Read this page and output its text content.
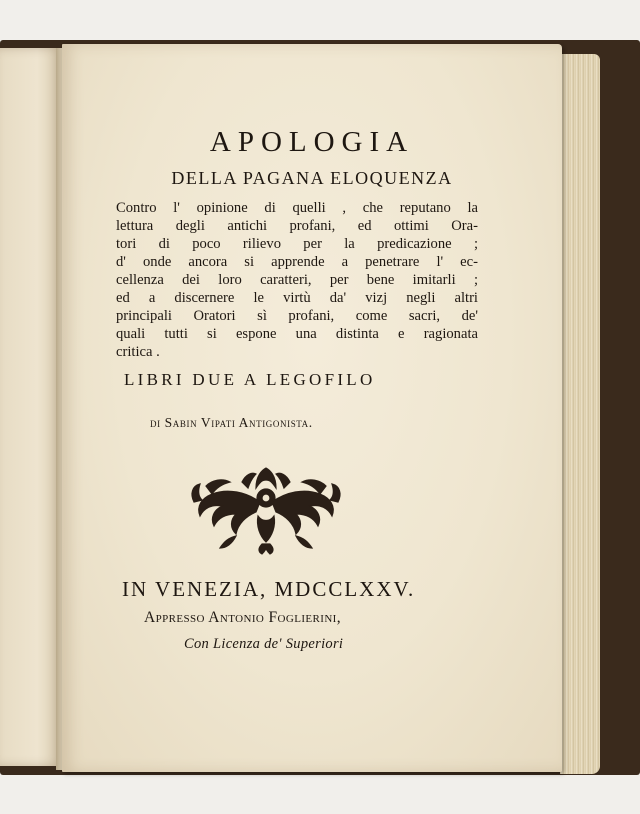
APOLOGIA
DELLA PAGANA ELOQUENZA
Contro l' opinione di quelli , che reputano la
lettura degli antichi profani, ed ottimi Ora-
tori di poco rilievo per la predicazione ;
d' onde ancora si apprende a penetrare l' ec-
cellenza dei loro caratteri, per bene imitarli ;
ed a discernere le virtù da' vizj negli altri
principali Oratori sì profani, come sacri, de'
quali tutti si espone una distinta e ragionata
critica .
LIBRI DUE A LEGOFILO
di Sabin Vipati Antigonista.
IN VENEZIA, MDCCLXXV.
Appresso Antonio Foglierini,
Con Licenza de' Superiori
